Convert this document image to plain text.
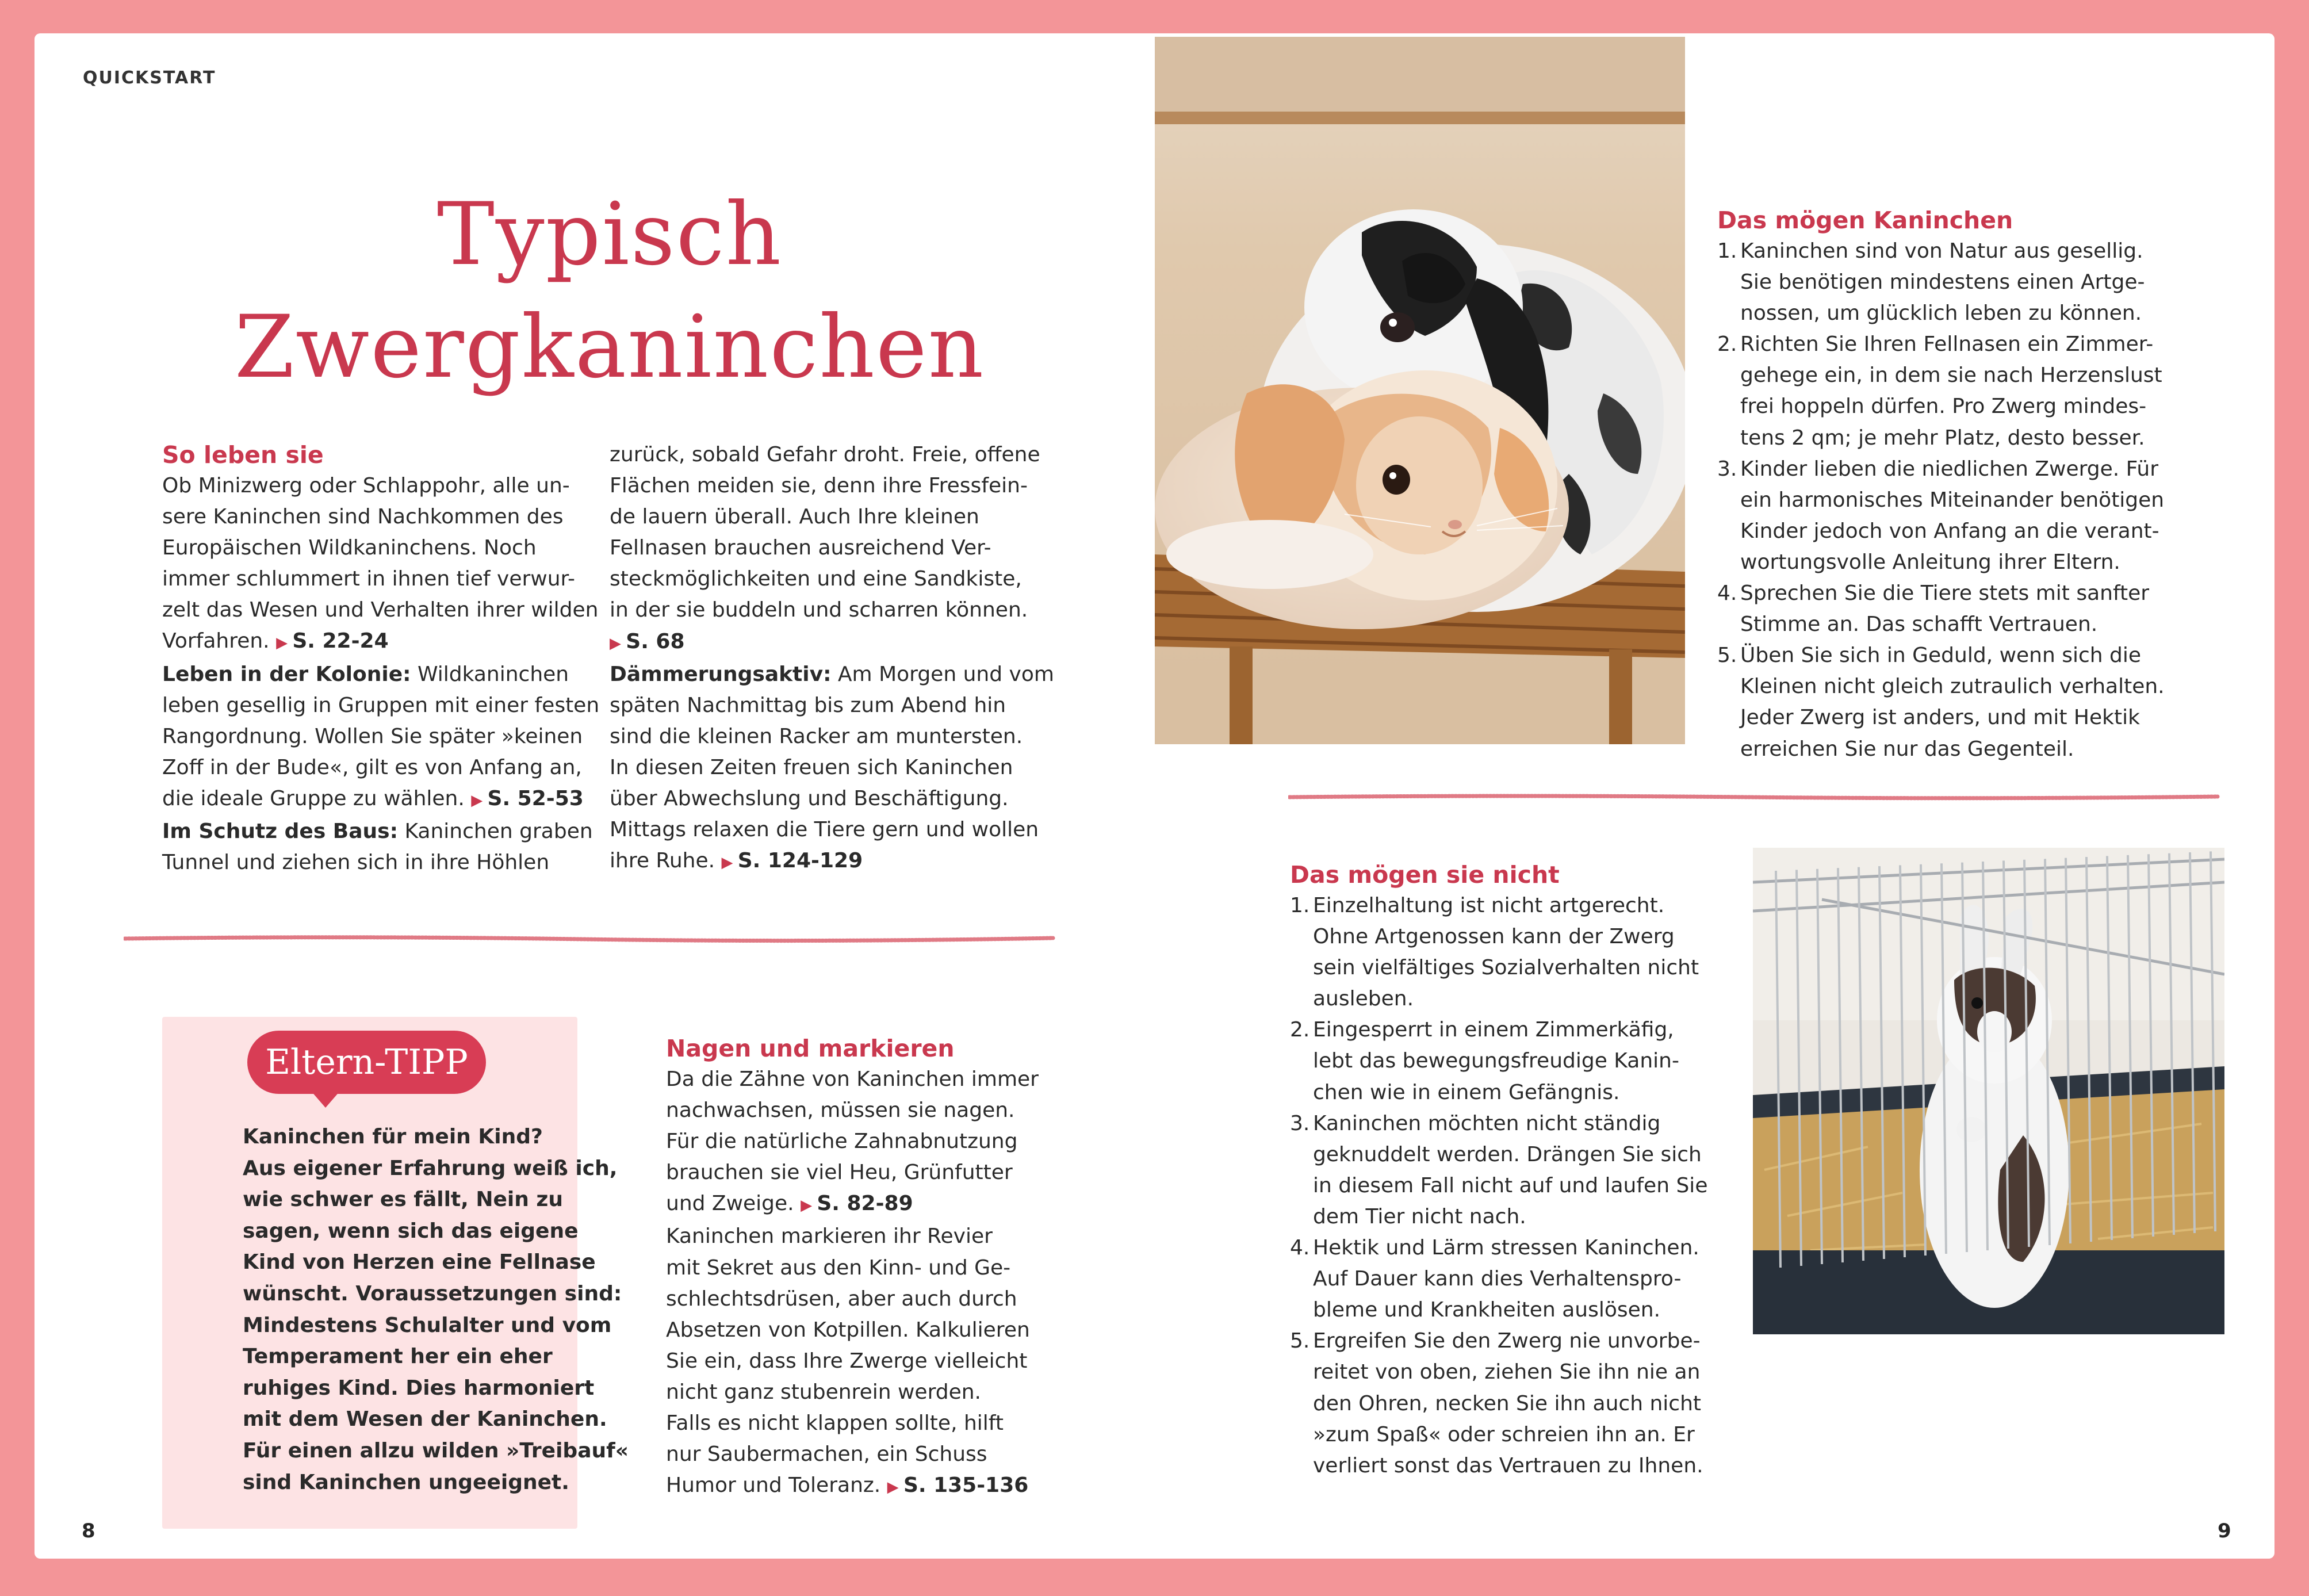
QUICKSTART
Typisch
Zwergkaninchen
So leben sie
Ob Minizwerg oder Schlappohr, alle un-
sere Kaninchen sind Nachkommen des
Europäischen Wildkaninchens. Noch
immer schlummert in ihnen tief verwur-
zelt das Wesen und Verhalten ihrer wilden
Vorfahren. ▶ S. 22-24
Leben in der Kolonie: Wildkaninchen
leben gesellig in Gruppen mit einer festen
Rangordnung. Wollen Sie später »keinen
Zoff in der Bude«, gilt es von Anfang an,
die ideale Gruppe zu wählen. ▶ S. 52-53
Im Schutz des Baus: Kaninchen graben
Tunnel und ziehen sich in ihre Höhlen
zurück, sobald Gefahr droht. Freie, offene
Flächen meiden sie, denn ihre Fressfein-
de lauern überall. Auch Ihre kleinen
Fellnasen brauchen ausreichend Ver-
steckmöglichkeiten und eine Sandkiste,
in der sie buddeln und scharren können.
▶ S. 68
Dämmerungsaktiv: Am Morgen und vom
späten Nachmittag bis zum Abend hin
sind die kleinen Racker am muntersten.
In diesen Zeiten freuen sich Kaninchen
über Abwechslung und Beschäftigung.
Mittags relaxen die Tiere gern und wollen
ihre Ruhe. ▶ S. 124-129
Eltern-TIPP
Kaninchen für mein Kind?
Aus eigener Erfahrung weiß ich,
wie schwer es fällt, Nein zu
sagen, wenn sich das eigene
Kind von Herzen eine Fellnase
wünscht. Voraussetzungen sind:
Mindestens Schulalter und vom
Temperament her ein eher
ruhiges Kind. Dies harmoniert
mit dem Wesen der Kaninchen.
Für einen allzu wilden »Treibauf«
sind Kaninchen ungeeignet.
Nagen und markieren
Da die Zähne von Kaninchen immer
nachwachsen, müssen sie nagen.
Für die natürliche Zahnabnutzung
brauchen sie viel Heu, Grünfutter
und Zweige. ▶ S. 82-89
Kaninchen markieren ihr Revier
mit Sekret aus den Kinn- und Ge-
schlechtsdrüsen, aber auch durch
Absetzen von Kotpillen. Kalkulieren
Sie ein, dass Ihre Zwerge vielleicht
nicht ganz stubenrein werden.
Falls es nicht klappen sollte, hilft
nur Saubermachen, ein Schuss
Humor und Toleranz. ▶ S. 135-136
8
Das mögen Kaninchen
1. Kaninchen sind von Natur aus gesellig.
Sie benötigen mindestens einen Artge-
nossen, um glücklich leben zu können.
2. Richten Sie Ihren Fellnasen ein Zimmer-
gehege ein, in dem sie nach Herzenslust
frei hoppeln dürfen. Pro Zwerg mindes-
tens 2 qm; je mehr Platz, desto besser.
3. Kinder lieben die niedlichen Zwerge. Für
ein harmonisches Miteinander benötigen
Kinder jedoch von Anfang an die verant-
wortungsvolle Anleitung ihrer Eltern.
4. Sprechen Sie die Tiere stets mit sanfter
Stimme an. Das schafft Vertrauen.
5. Üben Sie sich in Geduld, wenn sich die
Kleinen nicht gleich zutraulich verhalten.
Jeder Zwerg ist anders, und mit Hektik
erreichen Sie nur das Gegenteil.
Das mögen sie nicht
1. Einzelhaltung ist nicht artgerecht.
Ohne Artgenossen kann der Zwerg
sein vielfältiges Sozialverhalten nicht
ausleben.
2. Eingesperrt in einem Zimmerkäfig,
lebt das bewegungsfreudige Kanin-
chen wie in einem Gefängnis.
3. Kaninchen möchten nicht ständig
geknuddelt werden. Drängen Sie sich
in diesem Fall nicht auf und laufen Sie
dem Tier nicht nach.
4. Hektik und Lärm stressen Kaninchen.
Auf Dauer kann dies Verhaltenspro-
bleme und Krankheiten auslösen.
5. Ergreifen Sie den Zwerg nie unvorbe-
reitet von oben, ziehen Sie ihn nie an
den Ohren, necken Sie ihn auch nicht
»zum Spaß« oder schreien ihn an. Er
verliert sonst das Vertrauen zu Ihnen.
9
